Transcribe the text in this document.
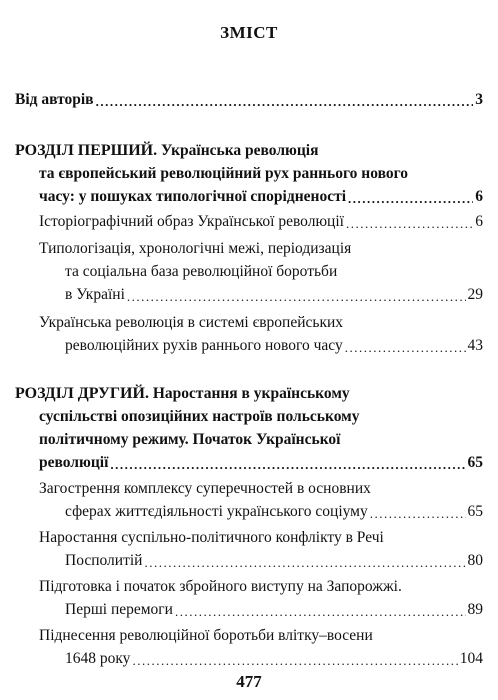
ЗМІСТ
Від авторів .....	3
РОЗДІЛ ПЕРШИЙ. Українська революція
та європейський революційний рух раннього нового
часу: у пошуках типологічної спорідненості .....	6
Історіографічний образ Української революції .....	6
Типологізація, хронологічні межі, періодизація
та соціальна база революційної боротьби
в Україні .....	29
Українська революція в системі європейських
революційних рухів раннього нового часу .....	43
РОЗДІЛ ДРУГИЙ. Наростання в українському
суспільстві опозиційних настроїв польському
політичному режиму. Початок Української
революції .....	65
Загострення комплексу суперечностей в основних
сферах життєдіяльності українського соціуму .....	65
Наростання суспільно-політичного конфлікту в Речі
Посполитій .....	80
Підготовка і початок збройного виступу на Запорожжі.
Перші перемоги .....	89
Піднесення революційної боротьби влітку–восени
1648 року .....	104
477
